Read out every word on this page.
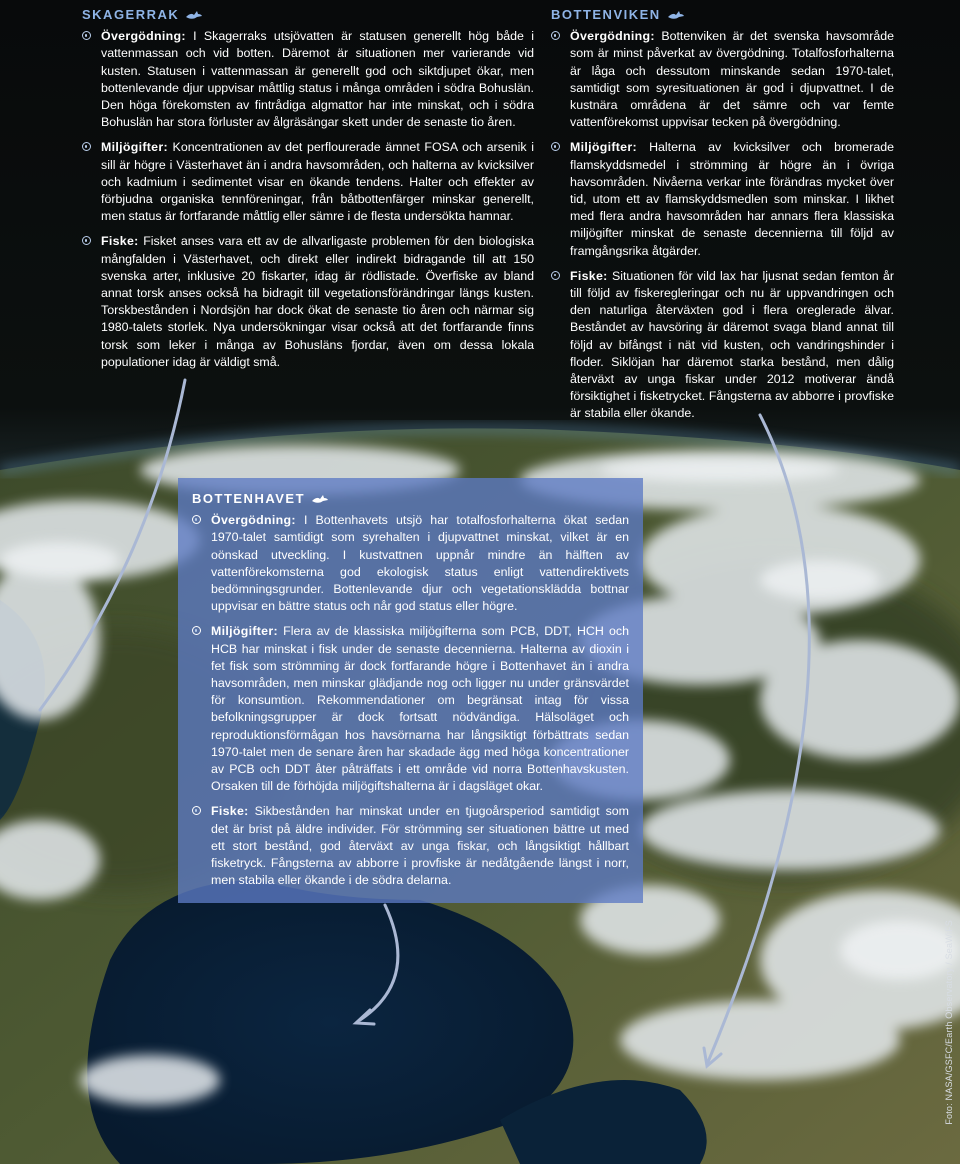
SKAGERRAK
Övergödning: I Skagerraks utsjövatten är statusen generellt hög både i vattenmassan och vid botten. Däremot är situationen mer varierande vid kusten. Statusen i vattenmassan är generellt god och siktdjupet ökar, men bottenlevande djur uppvisar måttlig status i många områden i södra Bohuslän. Den höga förekomsten av fintrådiga algmattor har inte minskat, och i södra Bohuslän har stora förluster av ålgräsängar skett under de senaste tio åren.
Miljögifter: Koncentrationen av det perflourerade ämnet FOSA och arsenik i sill är högre i Västerhavet än i andra havsområden, och halterna av kvicksilver och kadmium i sedimentet visar en ökande tendens. Halter och effekter av förbjudna organiska tennföreningar, från båtbottenfärger minskar generellt, men status är fortfarande måttlig eller sämre i de flesta undersökta hamnar.
Fiske: Fisket anses vara ett av de allvarligaste problemen för den biologiska mångfalden i Västerhavet, och direkt eller indirekt bidragande till att 150 svenska arter, inklusive 20 fiskarter, idag är rödlistade. Överfiske av bland annat torsk anses också ha bidragit till vegetationsförändringar längs kusten. Torskbestånden i Nordsjön har dock ökat de senaste tio åren och närmar sig 1980-talets storlek. Nya undersökningar visar också att det fortfarande finns torsk som leker i många av Bohusläns fjordar, även om dessa lokala populationer idag är väldigt små.
BOTTENVIKEN
Övergödning: Bottenviken är det svenska havsområde som är minst påverkat av övergödning. Totalfosforhalterna är låga och dessutom minskande sedan 1970-talet, samtidigt som syresituationen är god i djupvattnet. I de kustnära områdena är det sämre och var femte vattenförekomst uppvisar tecken på övergödning.
Miljögifter: Halterna av kvicksilver och bromerade flamskyddsmedel i strömming är högre än i övriga havsområden. Nivåerna verkar inte förändras mycket över tid, utom ett av flamskyddsmedlen som minskar. I likhet med flera andra havsområden har annars flera klassiska miljögifter minskat de senaste decennierna till följd av framgångsrika åtgärder.
Fiske: Situationen för vild lax har ljusnat sedan femton år till följd av fiskeregleringar och nu är uppvandringen och den naturliga återväxten god i flera oreglerade älvar. Beståndet av havsöring är däremot svaga bland annat till följd av bifångst i nät vid kusten, och vandringshinder i floder. Siklöjan har däremot starka bestånd, men dålig återväxt av unga fiskar under 2012 motiverar ändå försiktighet i fisketrycket. Fångsterna av abborre i provfiske är stabila eller ökande.
BOTTENHAVET
Övergödning: I Bottenhavets utsjö har totalfosforhalterna ökat sedan 1970-talet samtidigt som syrehalten i djupvattnet minskat, vilket är en oönskad utveckling. I kustvattnen uppnår mindre än hälften av vattenförekomsterna god ekologisk status enligt vattendirektivets bedömningsgrunder. Bottenlevande djur och vegetationsklädda bottnar uppvisar en bättre status och når god status eller högre.
Miljögifter: Flera av de klassiska miljögifterna som PCB, DDT, HCH och HCB har minskat i fisk under de senaste decennierna. Halterna av dioxin i fet fisk som strömming är dock fortfarande högre i Bottenhavet än i andra havsområden, men minskar glädjande nog och ligger nu under gränsvärdet för konsumtion. Rekommendationer om begränsat intag för vissa befolkningsgrupper är dock fortsatt nödvändiga. Hälsoläget och reproduktionsförmågan hos havsörnarna har långsiktigt förbättrats sedan 1970-talet men de senare åren har skadade ägg med höga koncentrationer av PCB och DDT åter påträffats i ett område vid norra Bottenhavskusten. Orsaken till de förhöjda miljögiftshalterna är i dagsläget okar.
Fiske: Sikbestånden har minskat under en tjugoårsperiod samtidigt som det är brist på äldre individer. För strömming ser situationen bättre ut med ett stort bestånd, god återväxt av unga fiskar, och långsiktigt hållbart fisketryck. Fångsterna av abborre i provfiske är nedåtgående längst i norr, men stabila eller ökande i de södra delarna.
Foto: NASA/GSFC/Earth Observatory / SeaWiFS
